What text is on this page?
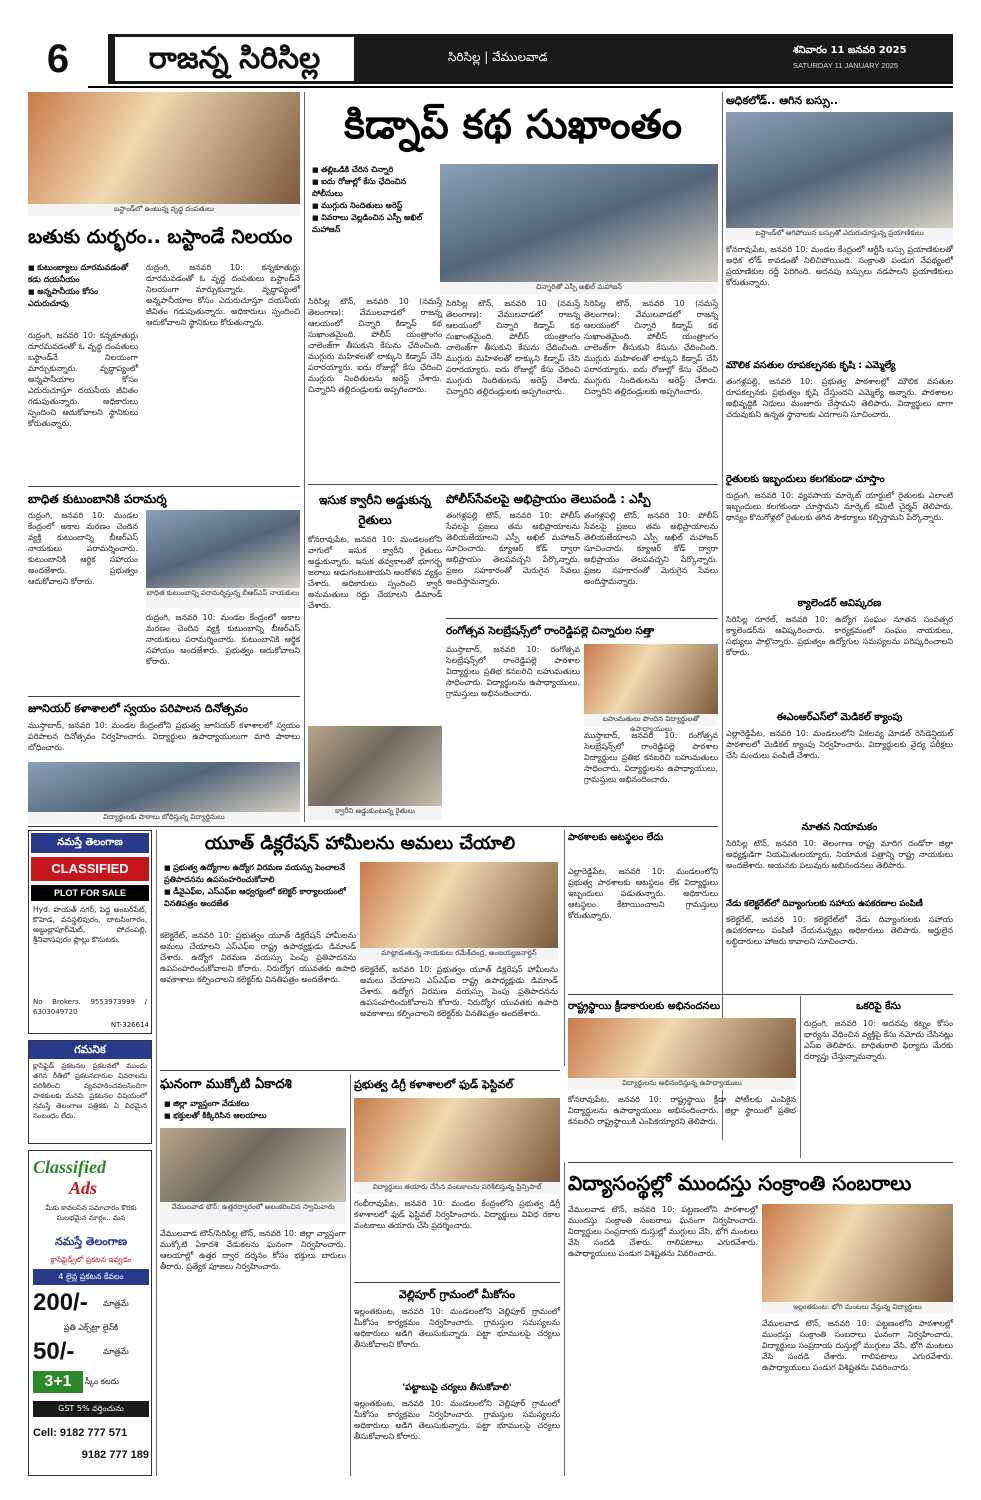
6	రాజన్న సిరిసిల్ల	సిరిసిల్ల | వేములవాడ	శనివారం 11 జనవరి 2025
SATURDAY 11 JANUARY 2025
బస్టాండ్‌లో ఉంటున్న వృద్ధ దంపతులు
బతుకు దుర్భరం.. బస్టాండే నిలయం
■ కుటుంబ్యాలు దూరమవడంతో కడు దయనీయం
■ అన్నపానీయం కోసం ఎదురుచూపు
రుద్రంగి, జనవరి 10: కన్నకూతుర్లు దూరమవడంతో ఓ వృద్ధ దంపతులు బస్టాండ్‌నే నిలయంగా మార్చుకున్నారు. వృద్ధాప్యంలో అన్నపానీయాల కోసం ఎదురుచూస్తూ దయనీయ జీవితం గడుపుతున్నారు. అధికారులు స్పందించి ఆదుకోవాలని స్థానికులు కోరుతున్నారు.
రుద్రంగి, జనవరి 10: కన్నకూతుర్లు దూరమవడంతో ఓ వృద్ధ దంపతులు బస్టాండ్‌నే నిలయంగా మార్చుకున్నారు. వృద్ధాప్యంలో అన్నపానీయాల కోసం ఎదురుచూస్తూ దయనీయ జీవితం గడుపుతున్నారు. అధికారులు స్పందించి ఆదుకోవాలని స్థానికులు కోరుతున్నారు.
బాధిత కుటుంబానికి పరామర్శ
రుద్రంగి, జనవరి 10: మండల కేంద్రంలో అకాల మరణం చెందిన వ్యక్తి కుటుంబాన్ని బీఆర్‌ఎస్ నాయకులు పరామర్శించారు. కుటుంబానికి ఆర్థిక సహాయం అందజేశారు. ప్రభుత్వం ఆదుకోవాలని కోరారు.
బాధిత కుటుంబాన్ని పరామర్శిస్తున్న బీఆర్‌ఎస్ నాయకులు
రుద్రంగి, జనవరి 10: మండల కేంద్రంలో అకాల మరణం చెందిన వ్యక్తి కుటుంబాన్ని బీఆర్‌ఎస్ నాయకులు పరామర్శించారు. కుటుంబానికి ఆర్థిక సహాయం అందజేశారు. ప్రభుత్వం ఆదుకోవాలని కోరారు.
ఇసుక క్వారీని అడ్డుకున్న రైతులు
కోనరావుపేట, జనవరి 10: మండలంలోని వాగులో ఇసుక క్వారీని రైతులు అడ్డుకున్నారు. ఇసుక తవ్వకాలతో భూగర్భ జలాలు అడుగంటుతాయని ఆందోళన వ్యక్తం చేశారు. అధికారులు స్పందించి క్వారీ అనుమతులు రద్దు చేయాలని డిమాండ్ చేశారు.
క్వారీని అడ్డుకుంటున్న రైతులు
కిడ్నాప్ కథ సుఖాంతం
■ తల్లిఒడికి చేరిన చిన్నారి
■ ఐదు రోజుల్లో కేసు ఛేదించిన పోలీసులు
■ ముగ్గురు నిందితులు అరెస్ట్
■ వివరాలు వెల్లడించిన ఎస్పీ అఖిల్ మహాజన్
చిన్నారితో ఎస్పీ అఖిల్ మహాజన్
సిరిసిల్ల టౌన్, జనవరి 10 (నమస్తే తెలంగాణ): వేములవాడలో రాజన్న ఆలయంలో చిన్నారి కిడ్నాప్ కథ సుఖాంతమైంది. పోలీస్ యంత్రాంగం చాలెంజ్‌గా తీసుకుని కేసును ఛేదించింది. ముగ్గురు మహిళలతో లాక్కుని కిడ్నాప్ చేసి పరారయ్యారు. ఐదు రోజుల్లో కేసు ఛేదించి ముగ్గురు నిందితులను అరెస్ట్ చేశారు. చిన్నారిని తల్లిదండ్రులకు అప్పగించారు.
సిరిసిల్ల టౌన్, జనవరి 10 (నమస్తే తెలంగాణ): వేములవాడలో రాజన్న ఆలయంలో చిన్నారి కిడ్నాప్ కథ సుఖాంతమైంది. పోలీస్ యంత్రాంగం చాలెంజ్‌గా తీసుకుని కేసును ఛేదించింది. ముగ్గురు మహిళలతో లాక్కుని కిడ్నాప్ చేసి పరారయ్యారు. ఐదు రోజుల్లో కేసు ఛేదించి ముగ్గురు నిందితులను అరెస్ట్ చేశారు. చిన్నారిని తల్లిదండ్రులకు అప్పగించారు.
సిరిసిల్ల టౌన్, జనవరి 10 (నమస్తే తెలంగాణ): వేములవాడలో రాజన్న ఆలయంలో చిన్నారి కిడ్నాప్ కథ సుఖాంతమైంది. పోలీస్ యంత్రాంగం చాలెంజ్‌గా తీసుకుని కేసును ఛేదించింది. ముగ్గురు మహిళలతో లాక్కుని కిడ్నాప్ చేసి పరారయ్యారు. ఐదు రోజుల్లో కేసు ఛేదించి ముగ్గురు నిందితులను అరెస్ట్ చేశారు. చిన్నారిని తల్లిదండ్రులకు అప్పగించారు.
పోలీస్‌సేవలపై అభిప్రాయం తెలుపండి : ఎస్పీ
తంగళ్లపల్లి టౌన్, జనవరి 10: పోలీస్ సేవలపై ప్రజలు తమ అభిప్రాయాలను తెలియజేయాలని ఎస్పీ అఖిల్ మహాజన్ సూచించారు. క్యూఆర్ కోడ్ ద్వారా అభిప్రాయం తెలపవచ్చని పేర్కొన్నారు. ప్రజల సహకారంతో మెరుగైన సేవలు అందిస్తామన్నారు.
తంగళ్లపల్లి టౌన్, జనవరి 10: పోలీస్ సేవలపై ప్రజలు తమ అభిప్రాయాలను తెలియజేయాలని ఎస్పీ అఖిల్ మహాజన్ సూచించారు. క్యూఆర్ కోడ్ ద్వారా అభిప్రాయం తెలపవచ్చని పేర్కొన్నారు. ప్రజల సహకారంతో మెరుగైన సేవలు అందిస్తామన్నారు.
రంగోత్సవ సెలబ్రేషన్స్‌లో రాంరెడ్డిపల్లె చిన్నారుల సత్తా
ముస్తాబాద్, జనవరి 10: రంగోత్సవ సెలబ్రేషన్స్‌లో రాంరెడ్డిపల్లె పాఠశాల విద్యార్థులు ప్రతిభ కనబరిచి బహుమతులు సాధించారు. విద్యార్థులను ఉపాధ్యాయులు, గ్రామస్తులు అభినందించారు.
బహుమతులు పొందిన విద్యార్థులతో ఉపాధ్యాయులు
ముస్తాబాద్, జనవరి 10: రంగోత్సవ సెలబ్రేషన్స్‌లో రాంరెడ్డిపల్లె పాఠశాల విద్యార్థులు ప్రతిభ కనబరిచి బహుమతులు సాధించారు. విద్యార్థులను ఉపాధ్యాయులు, గ్రామస్తులు అభినందించారు.
జూనియర్ కళాశాలలో స్వయం పరిపాలన దినోత్సవం
ముస్తాబాద్, జనవరి 10: మండల కేంద్రంలోని ప్రభుత్వ జూనియర్ కళాశాలలో స్వయం పరిపాలన దినోత్సవం నిర్వహించారు. విద్యార్థులు ఉపాధ్యాయులుగా మారి పాఠాలు బోధించారు.
విద్యార్థులకు పాఠాలు బోధిస్తున్న విద్యార్థినులు
అధికలోడ్.. ఆగిన బస్సు..
బస్టాండ్‌లో ఆగిపోయిన బస్సుతో ఎదురుచూస్తున్న ప్రయాణికులు
కోనరావుపేట, జనవరి 10: మండల కేంద్రంలో ఆర్టీసీ బస్సు ప్రయాణికులతో అధిక లోడ్ కావడంతో నిలిచిపోయింది. సంక్రాంతి పండుగ నేపథ్యంలో ప్రయాణికుల రద్దీ పెరిగింది. అదనపు బస్సులు నడపాలని ప్రయాణికులు కోరుతున్నారు.
మౌలిక వసతుల రూపకల్పనకు కృషి : ఎమ్మెల్యే
తంగళ్లపల్లి, జనవరి 10: ప్రభుత్వ పాఠశాలల్లో మౌలిక వసతుల రూపకల్పనకు ప్రభుత్వం కృషి చేస్తుందని ఎమ్మెల్యే అన్నారు. పాఠశాలల అభివృద్ధికి నిధులు మంజూరు చేస్తామని తెలిపారు. విద్యార్థులు బాగా చదువుకుని ఉన్నత స్థానాలకు ఎదగాలని సూచించారు.
రైతులకు ఇబ్బందులు కలగకుండా చూస్తాం
రుద్రంగి, జనవరి 10: వ్యవసాయ మార్కెట్ యార్డులో రైతులకు ఎలాంటి ఇబ్బందులు కలగకుండా చూస్తామని మార్కెట్ కమిటీ చైర్మన్ తెలిపారు. ధాన్యం కొనుగోళ్లలో రైతులకు తగిన సౌకర్యాలు కల్పిస్తామని పేర్కొన్నారు.
క్యాలెండర్ ఆవిష్కరణ
సిరిసిల్ల రూరల్, జనవరి 10: ఉద్యోగ సంఘం నూతన సంవత్సర క్యాలెండర్‌ను ఆవిష్కరించారు. కార్యక్రమంలో సంఘం నాయకులు, సభ్యులు పాల్గొన్నారు. ప్రభుత్వం ఉద్యోగుల సమస్యలను పరిష్కరించాలని కోరారు.
ఈఎంఆర్‌ఎస్‌లో మెడికల్ క్యాంపు
ఎల్లారెడ్డిపేట, జనవరి 10: మండలంలోని ఏకలవ్య మోడల్ రెసిడెన్షియల్ పాఠశాలలో మెడికల్ క్యాంపు నిర్వహించారు. విద్యార్థులకు వైద్య పరీక్షలు చేసి మందులు పంపిణీ చేశారు.
నూతన నియామకం
సిరిసిల్ల టౌన్, జనవరి 10: తెలంగాణ రాష్ట్ర మాదిగ దండోరా జిల్లా అధ్యక్షుడిగా నియమితులయ్యారు. నియామక పత్రాన్ని రాష్ట్ర నాయకులు అందజేశారు. ఆయనకు పలువురు అభినందనలు తెలిపారు.
నేడు కలెక్టరేట్‌లో దివ్యాంగులకు సహాయ ఉపకరణాల పంపిణీ
కలెక్టరేట్, జనవరి 10: కలెక్టరేట్‌లో నేడు దివ్యాంగులకు సహాయ ఉపకరణాలు పంపిణీ చేయనున్నట్లు అధికారులు తెలిపారు. అర్హులైన లబ్ధిదారులు హాజరు కావాలని సూచించారు.
నమస్తే తెలంగాణ
CLASSIFIED
PLOT FOR SALE
Hyd. హయత్ నగర్, పెద్ద అంబర్‌పేట్, కొహెడ, వనస్థలిపురం, బాటసింగారం, అబ్దుల్లాపూర్‌మెట్, పోచంపల్లి, శ్రీనివాసపురం ప్లాట్లు కొనుటకు.
No Brokers. 9553973999 / 6303049720
NT-326614
గమనిక
క్లాసిఫైడ్ ప్రకటనల ప్రకటనలో ముందు తగిన రీతిలో ప్రకటనదారుల వివరాలను పరిశీలించి వ్యవహరించవలసిందిగా పాఠకులకు మనవి. ప్రకటనల విషయంలో నమస్తే తెలంగాణ పత్రికకు ఏ విధమైన సంబంధం లేదు.
Classified
Ads
మీకు కావలసిన సమాచారం కొరకు సులభమైన మార్గం.. మన
నమస్తే తెలంగాణ
క్లాసిఫైడ్స్‌లో ప్రకటన ఇవ్వడం
4 లైన్ల ప్రకటన కేవలం
200/-	మాత్రమే
ప్రతి ఎక్స్‌ట్రా లైన్‌కి
50/-	మాత్రమే
3+1	స్కీం కలదు
GST 5% వర్తించును
Cell: 9182 777 571
9182 777 189
యూత్ డిక్లరేషన్ హామీలను అమలు చేయాలి
■ ప్రభుత్వ ఉద్యోగాల ఉద్యోగ విరమణ వయస్సు పెంచాలనే ప్రతిపాదనను ఉపసంహరించుకోవాలి
■ డీవైఎఫ్‌ఐ, ఎస్‌ఎఫ్‌ఐ ఆధ్వర్యంలో కలెక్టర్ కార్యాలయంలో వినతిపత్రం అందజేత
మాట్లాడుతున్న నాయకులు రమేశ్‌చంద్ర, అంజయ్యజనార్ధన్
కలెక్టరేట్, జనవరి 10: ప్రభుత్వం యూత్ డిక్లరేషన్ హామీలను అమలు చేయాలని ఎస్‌ఎఫ్‌ఐ రాష్ట్ర ఉపాధ్యక్షుడు డిమాండ్ చేశారు. ఉద్యోగ విరమణ వయస్సు పెంపు ప్రతిపాదనను ఉపసంహరించుకోవాలని కోరారు. నిరుద్యోగ యువతకు ఉపాధి అవకాశాలు కల్పించాలని కలెక్టర్‌కు వినతిపత్రం అందజేశారు.
కలెక్టరేట్, జనవరి 10: ప్రభుత్వం యూత్ డిక్లరేషన్ హామీలను అమలు చేయాలని ఎస్‌ఎఫ్‌ఐ రాష్ట్ర ఉపాధ్యక్షుడు డిమాండ్ చేశారు. ఉద్యోగ విరమణ వయస్సు పెంపు ప్రతిపాదనను ఉపసంహరించుకోవాలని కోరారు. నిరుద్యోగ యువతకు ఉపాధి అవకాశాలు కల్పించాలని కలెక్టర్‌కు వినతిపత్రం అందజేశారు.
పాఠశాలకు ఆటస్థలం లేదు
ఎల్లారెడ్డిపేట, జనవరి 10: మండలంలోని ప్రభుత్వ పాఠశాలకు ఆటస్థలం లేక విద్యార్థులు ఇబ్బందులు పడుతున్నారు. అధికారులు ఆటస్థలం కేటాయించాలని గ్రామస్తులు కోరుతున్నారు.
రాష్ట్రస్థాయి క్రీడాకారులకు అభినందనలు
విద్యార్థులను అభినందిస్తున్న ఉపాధ్యాయులు
కోనరావుపేట, జనవరి 10: రాష్ట్రస్థాయి క్రీడా పోటీలకు ఎంపికైన విద్యార్థులను ఉపాధ్యాయులు అభినందించారు. జిల్లా స్థాయిలో ప్రతిభ కనబరిచి రాష్ట్రస్థాయికి ఎంపికయ్యారని తెలిపారు.
ఒకరిపై కేసు
రుద్రంగి, జనవరి 10: అదనపు కట్నం కోసం భార్యను వేధించిన వ్యక్తిపై కేసు నమోదు చేసినట్లు ఎస్‌ఐ తెలిపారు. బాధితురాలి ఫిర్యాదు మేరకు దర్యాప్తు చేస్తున్నామన్నారు.
ఘనంగా ముక్కోటి ఏకాదశి
■ జిల్లా వ్యాప్తంగా వేడుకలు
■ భక్తులతో కిక్కిరిసిన ఆలయాలు
వేములవాడ టౌన్: ఉత్తరద్వారంలో అలంకరించిన స్వామివారు
వేములవాడ టౌన్/సిరిసిల్ల టౌన్, జనవరి 10: జిల్లా వ్యాప్తంగా ముక్కోటి ఏకాదశి వేడుకలను ఘనంగా నిర్వహించారు. ఆలయాల్లో ఉత్తర ద్వార దర్శనం కోసం భక్తులు బారులు తీరారు. ప్రత్యేక పూజలు నిర్వహించారు.
ప్రభుత్వ డిగ్రీ కళాశాలలో ఫుడ్ ఫెస్టివల్
విద్యార్థులు తయారు చేసిన వంటకాలను పరిశీలిస్తున్న ప్రిన్సిపాల్
గంభీరావుపేట, జనవరి 10: మండల కేంద్రంలోని ప్రభుత్వ డిగ్రీ కళాశాలలో ఫుడ్ ఫెస్టివల్ నిర్వహించారు. విద్యార్థులు వివిధ రకాల వంటకాలు తయారు చేసి ప్రదర్శించారు.
వెల్లిపూర్ గ్రామంలో మీకోసం
ఇల్లంతకుంట, జనవరి 10: మండలంలోని వెల్లిపూర్ గ్రామంలో మీకోసం కార్యక్రమం నిర్వహించారు. గ్రామస్తుల సమస్యలను అధికారులు అడిగి తెలుసుకున్నారు. పట్టా భూములపై చర్యలు తీసుకోవాలని కోరారు.
'పట్టాబుపై చర్యలు తీసుకోవాలి'
ఇల్లంతకుంట, జనవరి 10: మండలంలోని వెల్లిపూర్ గ్రామంలో మీకోసం కార్యక్రమం నిర్వహించారు. గ్రామస్తుల సమస్యలను అధికారులు అడిగి తెలుసుకున్నారు. పట్టా భూములపై చర్యలు తీసుకోవాలని కోరారు.
విద్యాసంస్థల్లో ముందస్తు సంక్రాంతి సంబరాలు
వేములవాడ టౌన్, జనవరి 10: పట్టణంలోని పాఠశాలల్లో ముందస్తు సంక్రాంతి సంబరాలు ఘనంగా నిర్వహించారు. విద్యార్థులు సంప్రదాయ దుస్తుల్లో ముగ్గులు వేసి, భోగి మంటలు వేసి సందడి చేశారు. గాలిపటాలు ఎగురవేశారు. ఉపాధ్యాయులు పండుగ విశిష్టతను వివరించారు.
ఇల్లంతకుంట: భోగి మంటలు వేస్తున్న విద్యార్థులు
వేములవాడ టౌన్, జనవరి 10: పట్టణంలోని పాఠశాలల్లో ముందస్తు సంక్రాంతి సంబరాలు ఘనంగా నిర్వహించారు. విద్యార్థులు సంప్రదాయ దుస్తుల్లో ముగ్గులు వేసి, భోగి మంటలు వేసి సందడి చేశారు. గాలిపటాలు ఎగురవేశారు. ఉపాధ్యాయులు పండుగ విశిష్టతను వివరించారు.
